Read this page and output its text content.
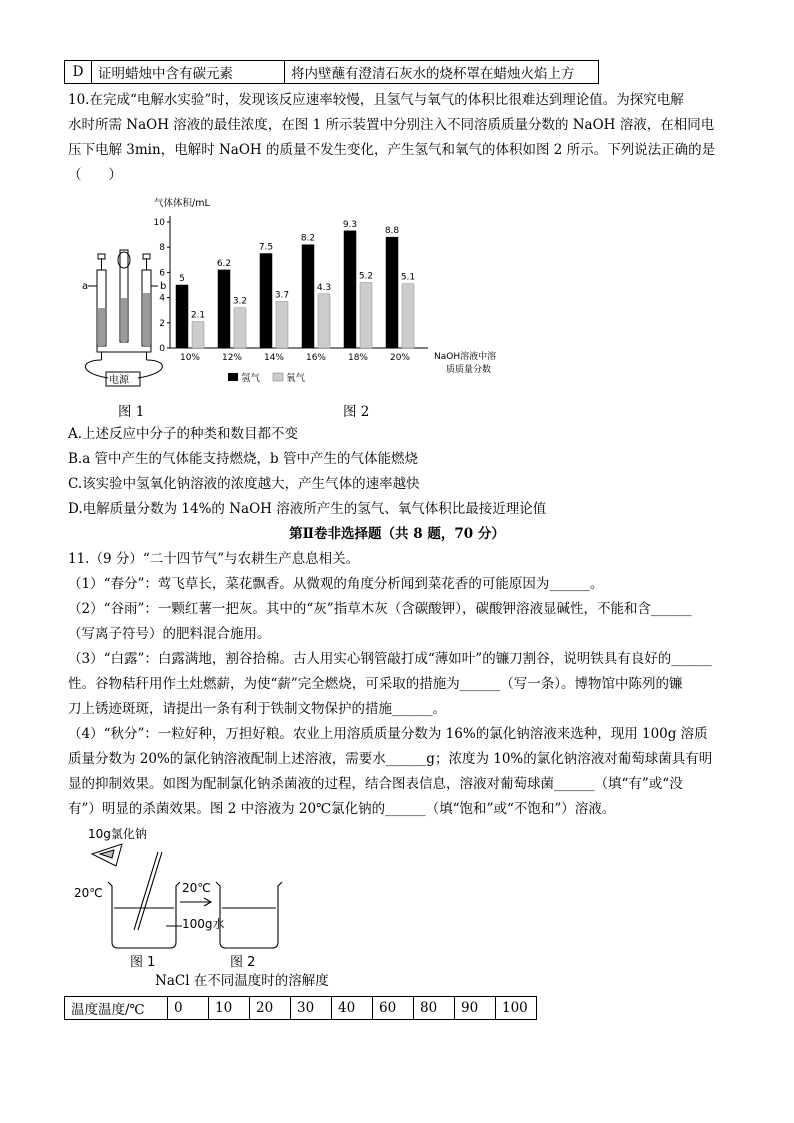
D	证明蜡烛中含有碳元素	将内壁蘸有澄清石灰水的烧杯罩在蜡烛火焰上方
10.在完成“电解水实验”时，发现该反应速率较慢，且氢气与氧气的体积比很难达到理论值。为探究电解
水时所需 NaOH 溶液的最佳浓度，在图 1 所示装置中分别注入不同溶质质量分数的 NaOH 溶液，在相同电
压下电解 3min，电解时 NaOH 的质量不发生变化，产生氢气和氧气的体积如图 2 所示。下列说法正确的是
（　　）
a	b
电源
气体体积/mL
0
2
4
6
8
10
5
2.1
6.2
3.2
7.5
3.7
8.2
4.3
9.3
5.2
8.8
5.1
10% 12% 14% 16% 18% 20%	NaOH溶液中溶
质质量分数
氢气	氧气
图 1	图 2
A.上述反应中分子的种类和数目都不变
B.a 管中产生的气体能支持燃烧，b 管中产生的气体能燃烧
C.该实验中氢氧化钠溶液的浓度越大，产生气体的速率越快
D.电解质量分数为 14%的 NaOH 溶液所产生的氢气、氧气体积比最接近理论值
第Ⅱ卷非选择题（共 8 题，70 分）
11.（9 分）“二十四节气”与农耕生产息息相关。
（1）“春分”：莺飞草长，菜花飘香。从微观的角度分析闻到菜花香的可能原因为______。
（2）“谷雨”：一颗红薯一把灰。其中的“灰”指草木灰（含碳酸钾），碳酸钾溶液显碱性，不能和含______
（写离子符号）的肥料混合施用。
（3）“白露”：白露满地，割谷拾棉。古人用实心钢管敲打成“薄如叶”的镰刀割谷，说明铁具有良好的______
性。谷物秸秆用作土灶燃薪，为使“薪”完全燃烧，可采取的措施为______（写一条）。博物馆中陈列的镰
刀上锈迹斑斑，请提出一条有利于铁制文物保护的措施______。
（4）“秋分”：一粒好种，万担好粮。农业上用溶质质量分数为 16%的氯化钠溶液来选种，现用 100g 溶质
质量分数为 20%的氯化钠溶液配制上述溶液，需要水______g；浓度为 10%的氯化钠溶液对葡萄球菌具有明
显的抑制效果。如图为配制氯化钠杀菌液的过程，结合图表信息，溶液对葡萄球菌______（填“有”或“没
有”）明显的杀菌效果。图 2 中溶液为 20℃氯化钠的______（填“饱和”或“不饱和”）溶液。
10g氯化钠
20℃
100g水
20℃
图 1	图 2
NaCl 在不同温度时的溶解度
温度温度/℃	0	10	20	30	40	60	80	90	100
